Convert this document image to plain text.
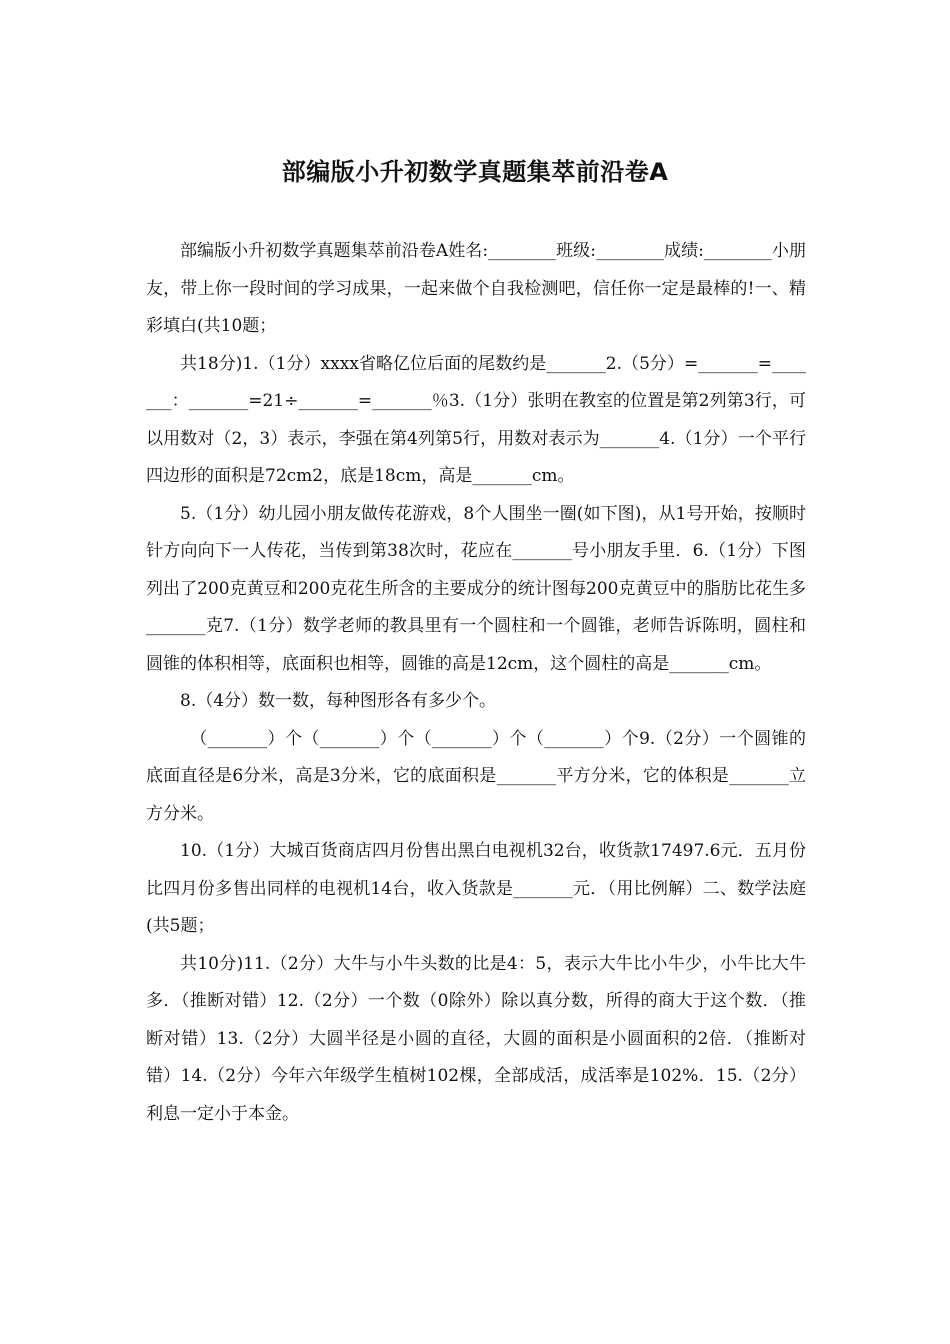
部编版小升初数学真题集萃前沿卷A

部编版小升初数学真题集萃前沿卷A姓名:________班级:________成绩:________小朋友，带上你一段时间的学习成果，一起来做个自我检测吧，信任你一定是最棒的!一、精彩填白(共10题；

共18分)1.（1分）xxxx省略亿位后面的尾数约是_______2.（5分）=_______=_______：_______=21÷_______=_______％3.（1分）张明在教室的位置是第2列第3行，可以用数对（2，3）表示，李强在第4列第5行，用数对表示为_______4.（1分）一个平行四边形的面积是72cm2，底是18cm，高是_______cm。

5.（1分）幼儿园小朋友做传花游戏，8个人围坐一圈(如下图)，从1号开始，按顺时针方向向下一人传花，当传到第38次时，花应在_______号小朋友手里．6.（1分）下图列出了200克黄豆和200克花生所含的主要成分的统计图每200克黄豆中的脂肪比花生多_______克7.（1分）数学老师的教具里有一个圆柱和一个圆锥，老师告诉陈明，圆柱和圆锥的体积相等，底面积也相等，圆锥的高是12cm，这个圆柱的高是_______cm。

8.（4分）数一数，每种图形各有多少个。

（_______）个（_______）个（_______）个（_______）个9.（2分）一个圆锥的底面直径是6分米，高是3分米，它的底面积是_______平方分米，它的体积是_______立方分米。

10.（1分）大城百货商店四月份售出黑白电视机32台，收货款17497.6元．五月份比四月份多售出同样的电视机14台，收入货款是_______元．（用比例解）二、数学法庭(共5题；

共10分)11.（2分）大牛与小牛头数的比是4：5，表示大牛比小牛少，小牛比大牛多．（推断对错）12.（2分）一个数（0除外）除以真分数，所得的商大于这个数．（推断对错）13.（2分）大圆半径是小圆的直径，大圆的面积是小圆面积的2倍．（推断对错）14.（2分）今年六年级学生植树102棵，全部成活，成活率是102%．15.（2分）利息一定小于本金。
